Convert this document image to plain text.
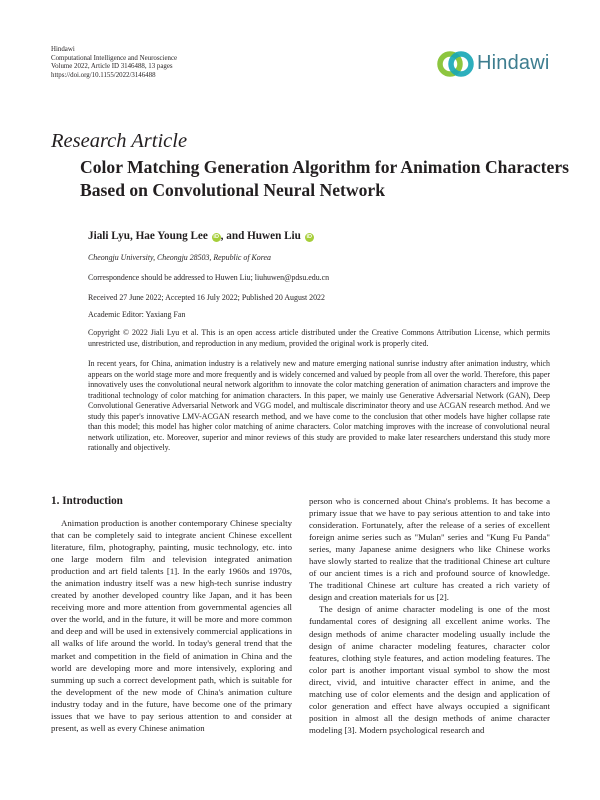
Hindawi
Computational Intelligence and Neuroscience
Volume 2022, Article ID 3146488, 13 pages
https://doi.org/10.1155/2022/3146488
Hindawi
Research Article
Color Matching Generation Algorithm for Animation Characters Based on Convolutional Neural Network
Jiali Lyu, Hae Young Lee iD , and Huwen Liu iD
Cheongju University, Cheongju 28503, Republic of Korea
Correspondence should be addressed to Huwen Liu; liuhuwen@pdsu.edu.cn
Received 27 June 2022; Accepted 16 July 2022; Published 20 August 2022
Academic Editor: Yaxiang Fan
Copyright © 2022 Jiali Lyu et al. This is an open access article distributed under the Creative Commons Attribution License, which permits unrestricted use, distribution, and reproduction in any medium, provided the original work is properly cited.
In recent years, for China, animation industry is a relatively new and mature emerging national sunrise industry after animation industry, which appears on the world stage more and more frequently and is widely concerned and valued by people from all over the world. Therefore, this paper innovatively uses the convolutional neural network algorithm to innovate the color matching generation of animation characters and improve the traditional technology of color matching for animation characters. In this paper, we mainly use Generative Adversarial Network (GAN), Deep Convolutional Generative Adversarial Network and VGG model, and multiscale discriminator theory and use ACGAN research method. And we study this paper's innovative LMV-ACGAN research method, and we have come to the conclusion that other models have higher collapse rate than this model; this model has higher color matching of anime characters. Color matching improves with the increase of convolutional neural network utilization, etc. Moreover, superior and minor reviews of this study are provided to make later researchers understand this study more rationally and objectively.
1. Introduction

Animation production is another contemporary Chinese specialty that can be completely said to integrate ancient Chinese excellent literature, film, photography, painting, music technology, etc. into one large modern film and television integrated animation production and art field talents [1]. In the early 1960s and 1970s, the animation industry itself was a new high-tech sunrise industry created by another developed country like Japan, and it has been receiving more and more attention from governmental agencies all over the world, and in the future, it will be more and more common and deep and will be used in extensively commercial applications in all walks of life around the world. In today's general trend that the market and competition in the field of animation in China and the world are developing more and more intensively, exploring and summing up such a correct development path, which is suitable for the development of the new mode of China's animation culture industry today and in the future, have become one of the primary issues that we have to pay serious attention to and consider at present, as well as every Chinese animation

person who is concerned about China's problems. It has become a primary issue that we have to pay serious attention to and take into consideration. Fortunately, after the release of a series of excellent foreign anime series such as "Mulan" series and "Kung Fu Panda" series, many Japanese anime designers who like Chinese works have slowly started to realize that the traditional Chinese art culture of our ancient times is a rich and profound source of knowledge. The traditional Chinese art culture has created a rich variety of design and creation materials for us [2].

The design of anime character modeling is one of the most fundamental cores of designing all excellent anime works. The design methods of anime character modeling usually include the design of anime character modeling features, character color features, clothing style features, and action modeling features. The color part is another important visual symbol to show the most direct, vivid, and intuitive character effect in anime, and the matching use of color elements and the design and application of color generation and effect have always occupied a significant position in almost all the design methods of anime character modeling [3]. Modern psychological research and
